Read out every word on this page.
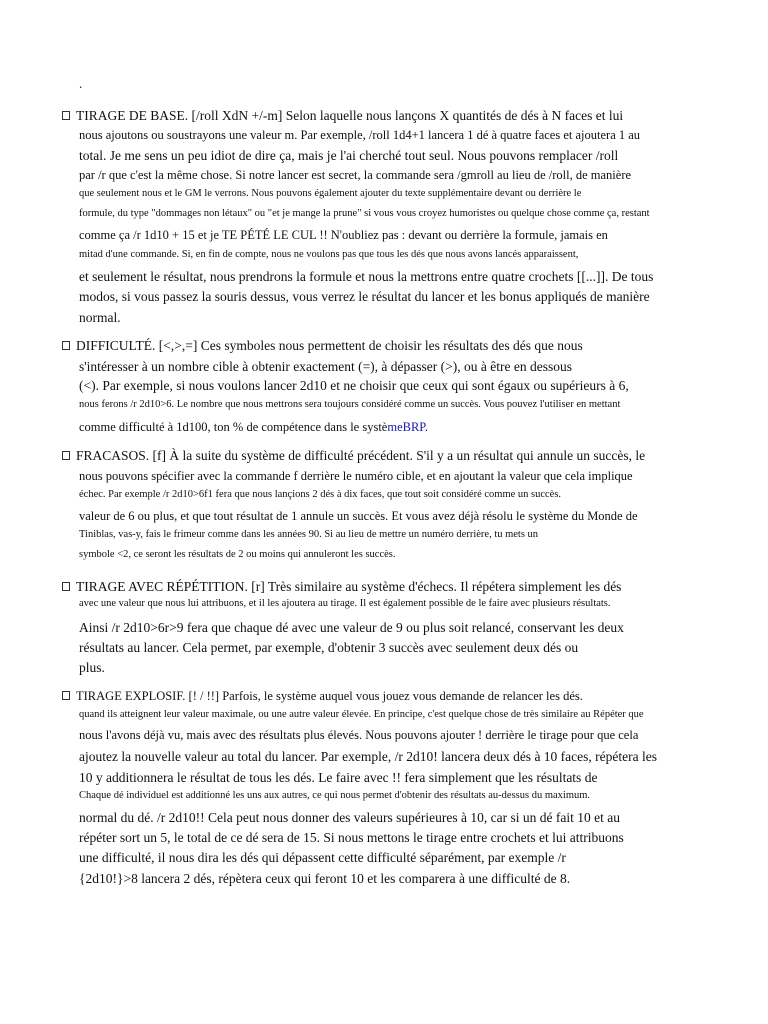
.
TIRAGE DE BASE. [/roll XdN +/-m] Selon laquelle nous lançons X quantités de dés à N faces et lui
nous ajoutons ou soustrayons une valeur m. Par exemple, /roll 1d4+1 lancera 1 dé à quatre faces et ajoutera 1 au
total. Je me sens un peu idiot de dire ça, mais je l'ai cherché tout seul. Nous pouvons remplacer /roll
par /r que c'est la même chose. Si notre lancer est secret, la commande sera /gmroll au lieu de /roll, de manière
que seulement nous et le GM le verrons. Nous pouvons également ajouter du texte supplémentaire devant ou derrière le
formule, du type "dommages non létaux" ou "et je mange la prune" si vous vous croyez humoristes ou quelque chose comme ça, restant
comme ça /r 1d10 + 15 et je TE PÉTÉ LE CUL !! N'oubliez pas : devant ou derrière la formule, jamais en
mitad d'une commande. Si, en fin de compte, nous ne voulons pas que tous les dés que nous avons lancés apparaissent,
et seulement le résultat, nous prendrons la formule et nous la mettrons entre quatre crochets [[...]]. De tous
modos, si vous passez la souris dessus, vous verrez le résultat du lancer et les bonus appliqués de manière
normal.
DIFFICULTÉ. [<,>,=] Ces symboles nous permettent de choisir les résultats des dés que nous
s'intéresser à un nombre cible à obtenir exactement (=), à dépasser (>), ou à être en dessous
(<). Par exemple, si nous voulons lancer 2d10 et ne choisir que ceux qui sont égaux ou supérieurs à 6,
nous ferons /r 2d10>6. Le nombre que nous mettrons sera toujours considéré comme un succès. Vous pouvez l'utiliser en mettant
comme difficulté à 1d100, ton % de compétence dans le systèmeBRP.
FRACASOS. [f] À la suite du système de difficulté précédent. S'il y a un résultat qui annule un succès, le
nous pouvons spécifier avec la commande f derrière le numéro cible, et en ajoutant la valeur que cela implique
échec. Par exemple /r 2d10>6f1 fera que nous lançions 2 dés à dix faces, que tout soit considéré comme un succès.
valeur de 6 ou plus, et que tout résultat de 1 annule un succès. Et vous avez déjà résolu le système du Monde de
Tiniblas, vas-y, fais le frimeur comme dans les années 90. Si au lieu de mettre un numéro derrière, tu mets un
symbole <2, ce seront les résultats de 2 ou moins qui annuleront les succès.
TIRAGE AVEC RÉPÉTITION. [r] Très similaire au système d'échecs. Il répétera simplement les dés
avec une valeur que nous lui attribuons, et il les ajoutera au tirage. Il est également possible de le faire avec plusieurs résultats.
Ainsi /r 2d10>6r>9 fera que chaque dé avec une valeur de 9 ou plus soit relancé, conservant les deux
résultats au lancer. Cela permet, par exemple, d'obtenir 3 succès avec seulement deux dés ou
plus.
TIRAGE EXPLOSIF. [! / !!] Parfois, le système auquel vous jouez vous demande de relancer les dés.
quand ils atteignent leur valeur maximale, ou une autre valeur élevée. En principe, c'est quelque chose de très similaire au Répéter que
nous l'avons déjà vu, mais avec des résultats plus élevés. Nous pouvons ajouter ! derrière le tirage pour que cela
ajoutez la nouvelle valeur au total du lancer. Par exemple, /r 2d10! lancera deux dés à 10 faces, répétera les
10 y additionnera le résultat de tous les dés. Le faire avec !! fera simplement que les résultats de
Chaque dé individuel est additionné les uns aux autres, ce qui nous permet d'obtenir des résultats au-dessus du maximum.
normal du dé. /r 2d10!! Cela peut nous donner des valeurs supérieures à 10, car si un dé fait 10 et au
répéter sort un 5, le total de ce dé sera de 15. Si nous mettons le tirage entre crochets et lui attribuons
une difficulté, il nous dira les dés qui dépassent cette difficulté séparément, par exemple /r
{2d10!}>8 lancera 2 dés, répètera ceux qui feront 10 et les comparera à une difficulté de 8.
